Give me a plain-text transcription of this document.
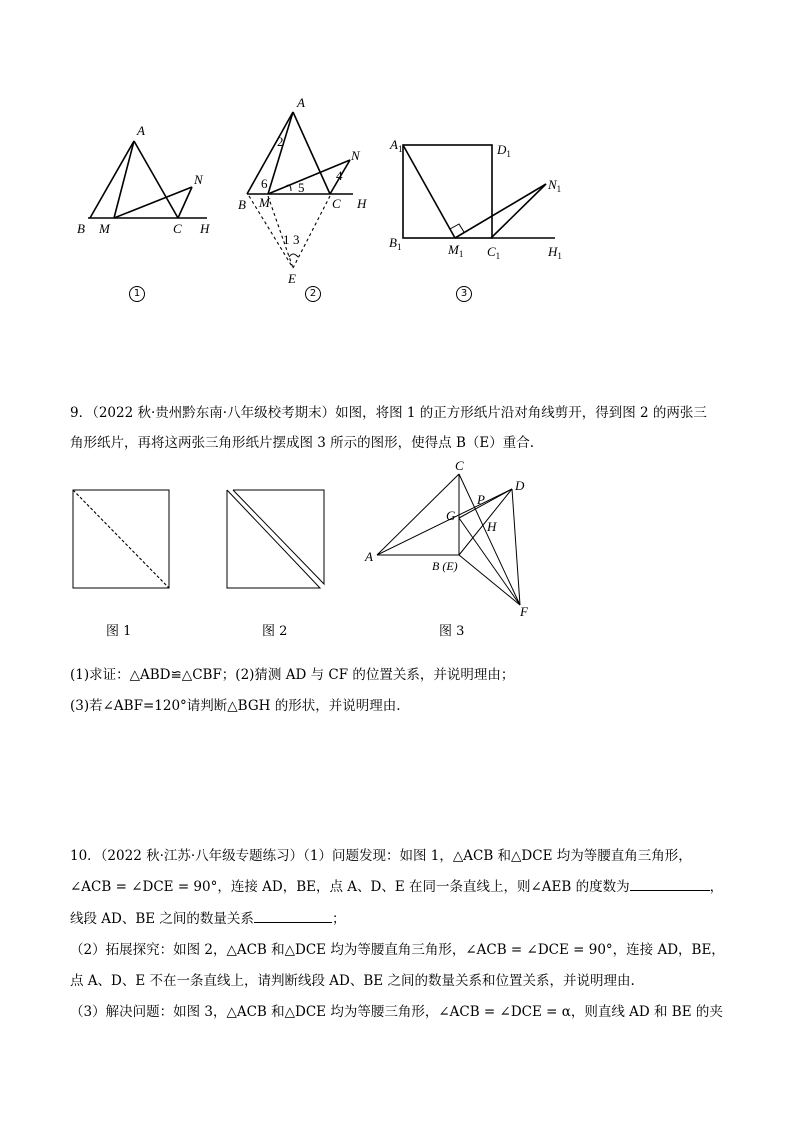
A
B M	C H
N
1
A
B M	C H
N
E
1
2
3
4
5
6
2
$A_1$	$D_1$
$B_1$	$M_1$ $C_1$	$H_1$
$N_1$
3
9．（2022 秋·贵州黔东南·八年级校考期末）如图，将图 1 的正方形纸片沿对角线剪开，得到图 2 的两张三
角形纸片，再将这两张三角形纸片摆成图 3 所示的图形，使得点 B（E）重合.
C
D
P
G
H
A
B (E)
F
图 1	图 2	图 3
(1)求证：△ABD≌△CBF；(2)猜测 AD 与 CF 的位置关系，并说明理由；
(3)若∠ABF=120°请判断△BGH 的形状，并说明理由.
10．（2022 秋·江苏·八年级专题练习）（1）问题发现：如图 1，△ACB 和△DCE 均为等腰直角三角形，
∠ACB = ∠DCE = 90°，连接 AD，BE，点 A、D、E 在同一条直线上，则∠AEB 的度数为	，
线段 AD、BE 之间的数量关系	；
（2）拓展探究：如图 2，△ACB 和△DCE 均为等腰直角三角形，∠ACB = ∠DCE = 90°，连接 AD，BE，
点 A、D、E 不在一条直线上，请判断线段 AD、BE 之间的数量关系和位置关系，并说明理由.
（3）解决问题：如图 3，△ACB 和△DCE 均为等腰三角形，∠ACB = ∠DCE = α，则直线 AD 和 BE 的夹
